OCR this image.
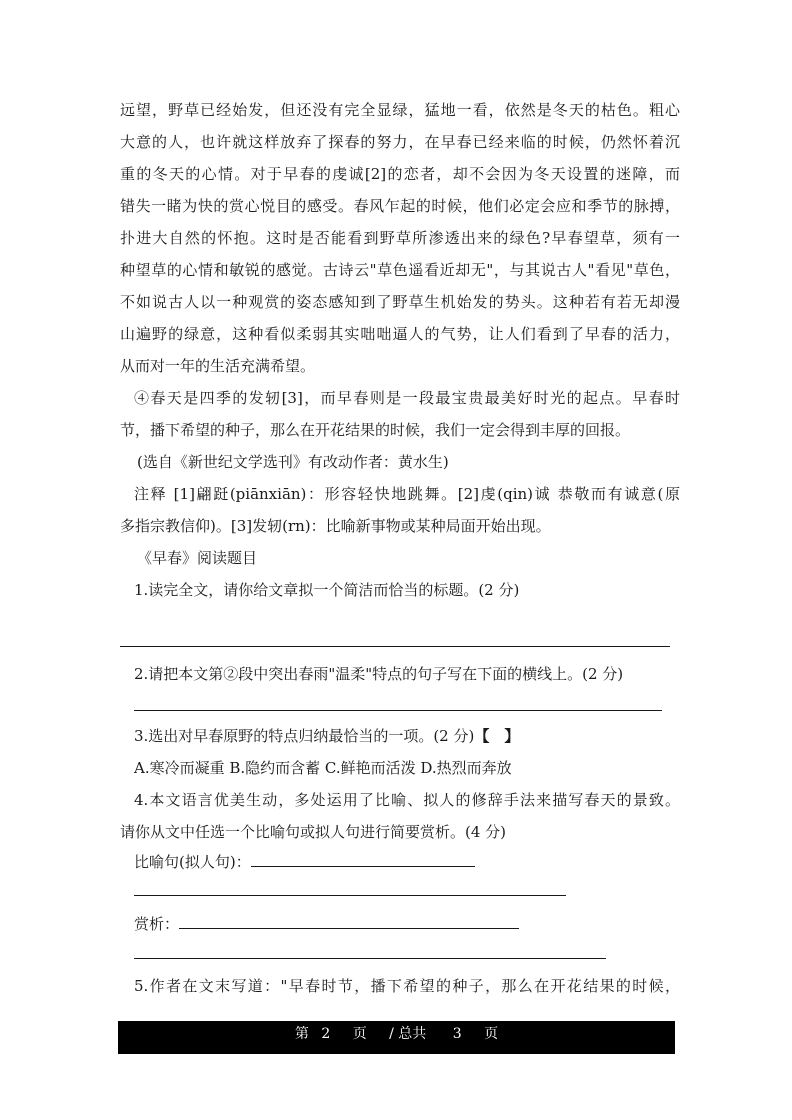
远望，野草已经始发，但还没有完全显绿，猛地一看，依然是冬天的枯色。粗心
大意的人，也许就这样放弃了探春的努力，在早春已经来临的时候，仍然怀着沉
重的冬天的心情。对于早春的虔诚[2]的恋者，却不会因为冬天设置的迷障，而
错失一睹为快的赏心悦目的感受。春风乍起的时候，他们必定会应和季节的脉搏，
扑进大自然的怀抱。这时是否能看到野草所渗透出来的绿色?早春望草，须有一
种望草的心情和敏锐的感觉。古诗云"草色遥看近却无"，与其说古人"看见"草色，
不如说古人以一种观赏的姿态感知到了野草生机始发的势头。这种若有若无却漫
山遍野的绿意，这种看似柔弱其实咄咄逼人的气势，让人们看到了早春的活力，
从而对一年的生活充满希望。
④春天是四季的发轫[3]，而早春则是一段最宝贵最美好时光的起点。早春时
节，播下希望的种子，那么在开花结果的时候，我们一定会得到丰厚的回报。
(选自《新世纪文学选刊》有改动作者：黄水生)
注释 [1]翩跹(piānxiān)：形容轻快地跳舞。[2]虔(qin)诚 恭敬而有诚意(原
多指宗教信仰)。[3]发轫(rn)：比喻新事物或某种局面开始出现。
《早春》阅读题目
1.读完全文，请你给文章拟一个简洁而恰当的标题。(2 分)
2.请把本文第②段中突出春雨"温柔"特点的句子写在下面的横线上。(2 分)
3.选出对早春原野的特点归纳最恰当的一项。(2 分)【　】
A.寒冷而凝重 B.隐约而含蓄 C.鲜艳而活泼 D.热烈而奔放
4.本文语言优美生动，多处运用了比喻、拟人的修辞手法来描写春天的景致。
请你从文中任选一个比喻句或拟人句进行简要赏析。(4 分)
比喻句(拟人句)：
赏析：
5.作者在文末写道："早春时节，播下希望的种子，那么在开花结果的时候，
第 2 页 / 总共 3 页
